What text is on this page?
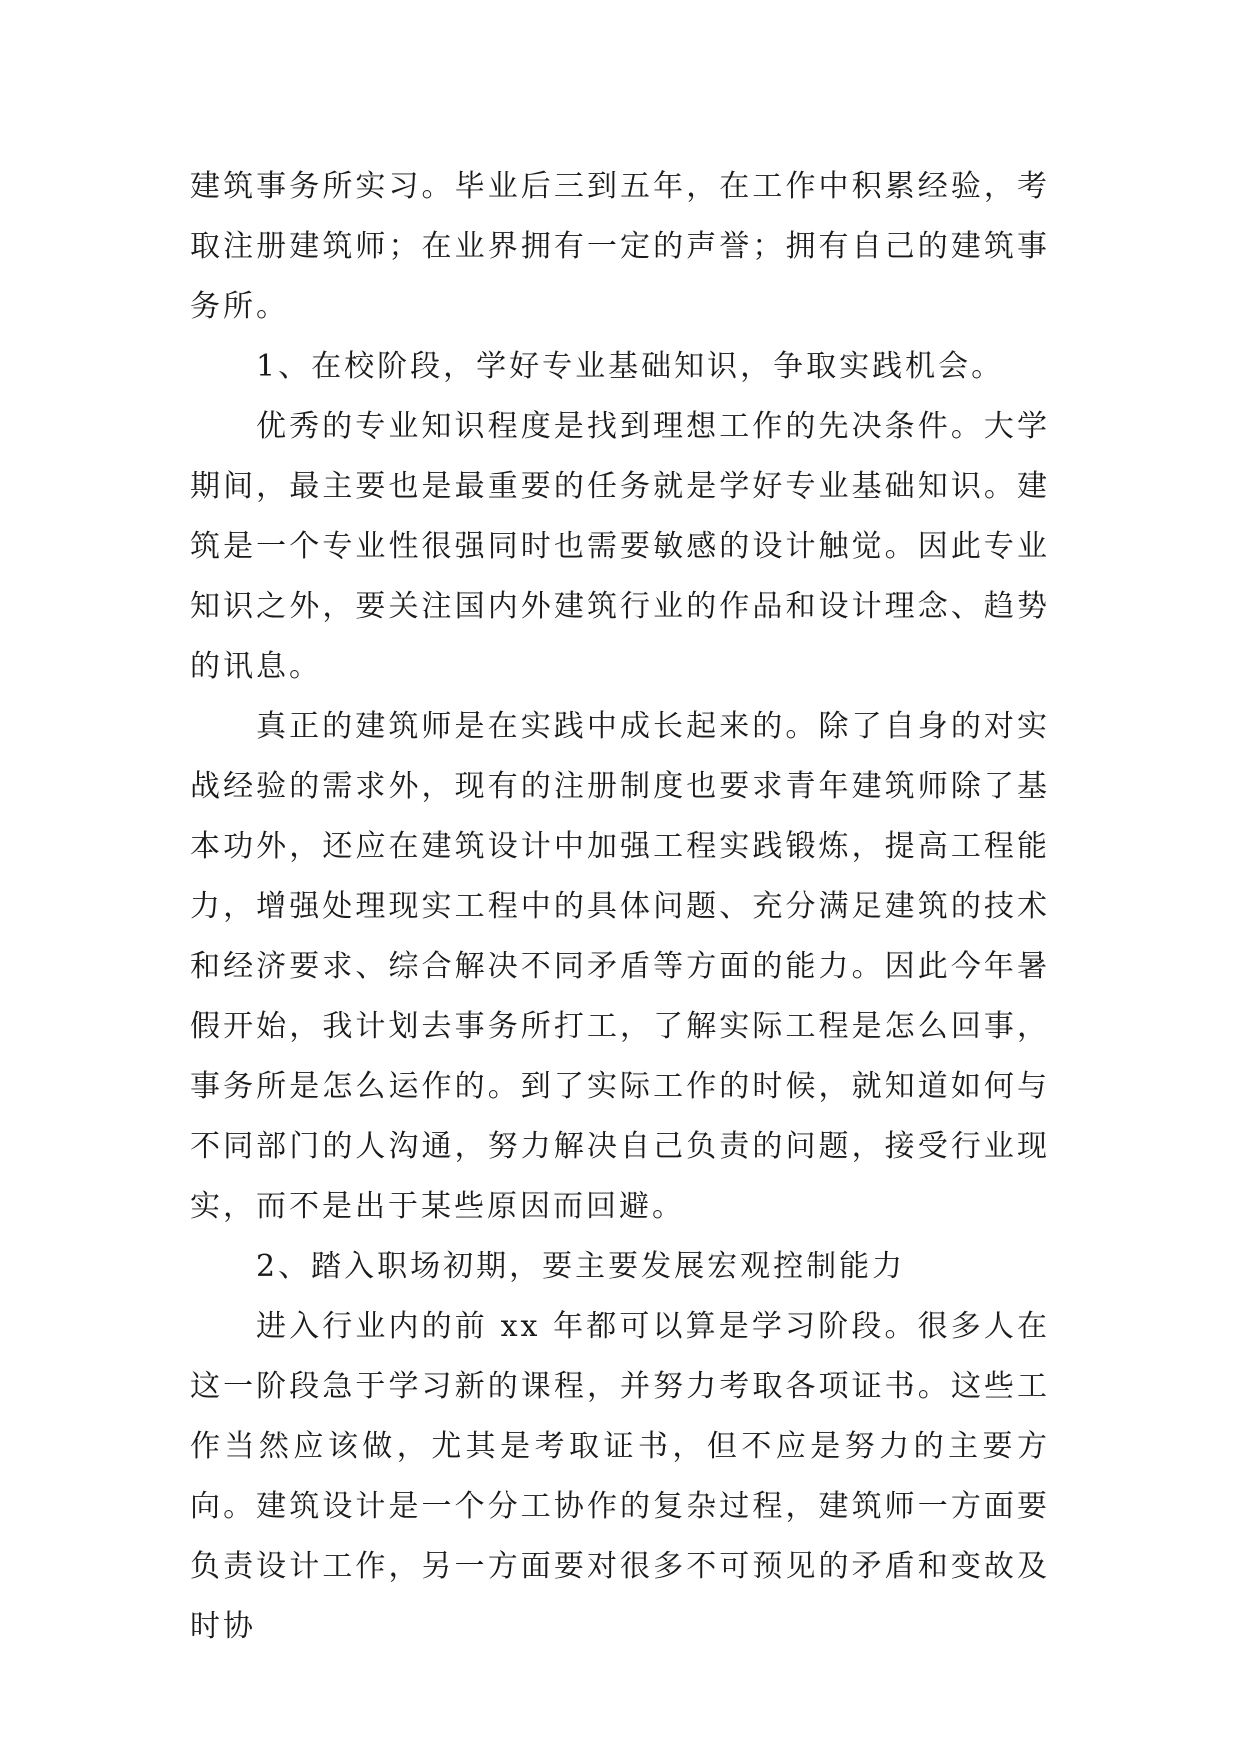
建筑事务所实习。毕业后三到五年，在工作中积累经验，考取注册建筑师；在业界拥有一定的声誉；拥有自己的建筑事务所。

1、在校阶段，学好专业基础知识，争取实践机会。

优秀的专业知识程度是找到理想工作的先决条件。大学期间，最主要也是最重要的任务就是学好专业基础知识。建筑是一个专业性很强同时也需要敏感的设计触觉。因此专业知识之外，要关注国内外建筑行业的作品和设计理念、趋势的讯息。

真正的建筑师是在实践中成长起来的。除了自身的对实战经验的需求外，现有的注册制度也要求青年建筑师除了基本功外，还应在建筑设计中加强工程实践锻炼，提高工程能力，增强处理现实工程中的具体问题、充分满足建筑的技术和经济要求、综合解决不同矛盾等方面的能力。因此今年暑假开始，我计划去事务所打工，了解实际工程是怎么回事，事务所是怎么运作的。到了实际工作的时候，就知道如何与不同部门的人沟通，努力解决自己负责的问题，接受行业现实，而不是出于某些原因而回避。

2、踏入职场初期，要主要发展宏观控制能力

进入行业内的前 xx 年都可以算是学习阶段。很多人在这一阶段急于学习新的课程，并努力考取各项证书。这些工作当然应该做，尤其是考取证书，但不应是努力的主要方向。建筑设计是一个分工协作的复杂过程，建筑师一方面要负责设计工作，另一方面要对很多不可预见的矛盾和变故及时协
